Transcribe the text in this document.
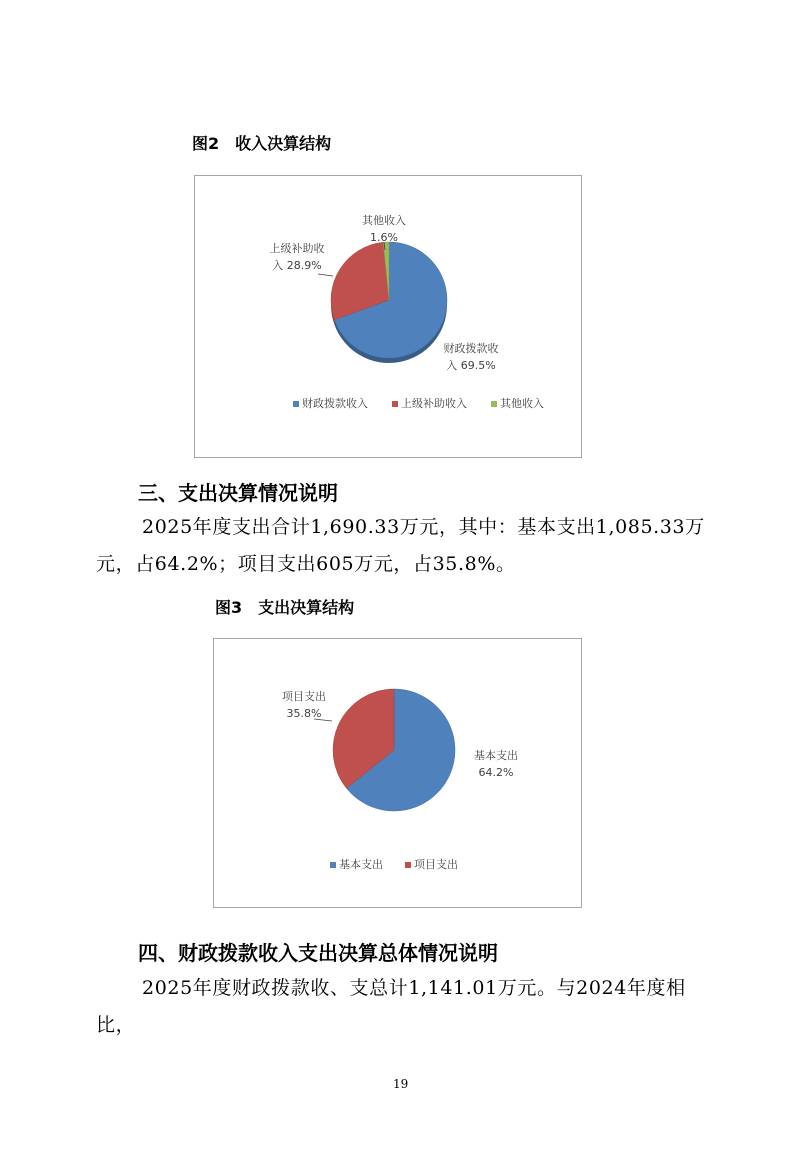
图2　收入决算结构
财政拨款收入 69.5%
上级补助收入 28.9%
其他收入 1.6%
财政拨款收入	上级补助收入	其他收入
三、支出决算情况说明
2025年度支出合计1,690.33万元，其中：基本支出1,085.33万元，占64.2%；项目支出605万元，占35.8%。
图3　支出决算结构
基本支出 64.2%
项目支出 35.8%
基本支出	项目支出
四、财政拨款收入支出决算总体情况说明
2025年度财政拨款收、支总计1,141.01万元。与2024年度相比，
19
